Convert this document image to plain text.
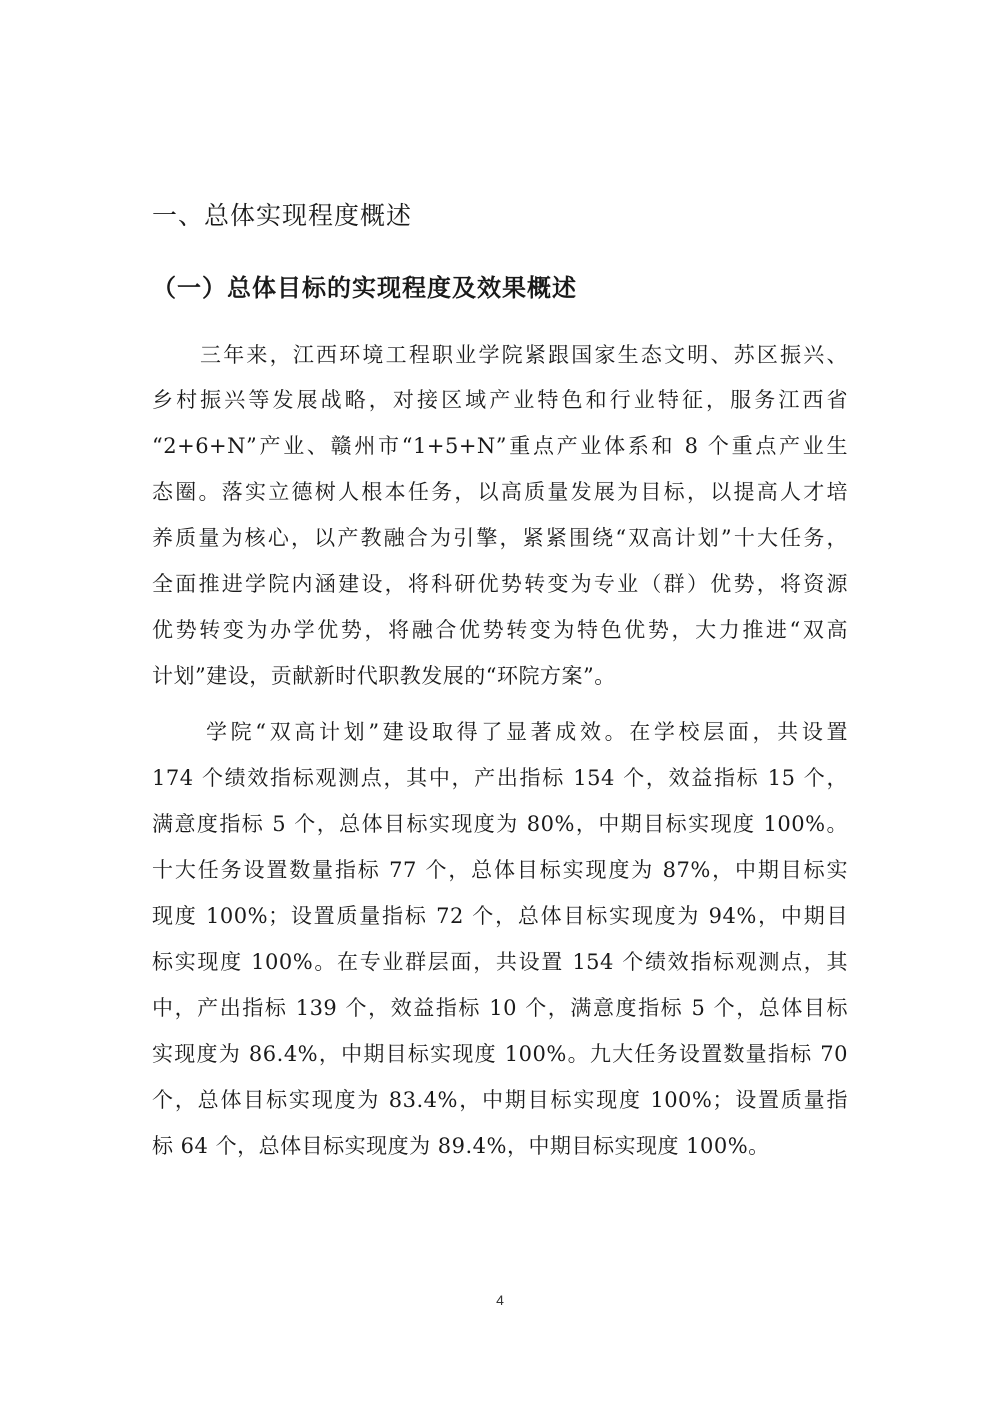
一、总体实现程度概述
（一）总体目标的实现程度及效果概述
三年来，江西环境工程职业学院紧跟国家生态文明、苏区振兴、
乡村振兴等发展战略，对接区域产业特色和行业特征，服务江西省
“2+6+N”产业、赣州市“1+5+N”重点产业体系和 8 个重点产业生
态圈。落实立德树人根本任务，以高质量发展为目标，以提高人才培
养质量为核心，以产教融合为引擎，紧紧围绕“双高计划”十大任务，
全面推进学院内涵建设，将科研优势转变为专业（群）优势，将资源
优势转变为办学优势，将融合优势转变为特色优势，大力推进“双高
计划”建设，贡献新时代职教发展的“环院方案”。
学院“双高计划”建设取得了显著成效。在学校层面，共设置
174 个绩效指标观测点，其中，产出指标 154 个，效益指标 15 个，
满意度指标 5 个，总体目标实现度为 80%，中期目标实现度 100%。
十大任务设置数量指标 77 个，总体目标实现度为 87%，中期目标实
现度 100%；设置质量指标 72 个，总体目标实现度为 94%，中期目
标实现度 100%。在专业群层面，共设置 154 个绩效指标观测点，其
中，产出指标 139 个，效益指标 10 个，满意度指标 5 个，总体目标
实现度为 86.4%，中期目标实现度 100%。九大任务设置数量指标 70
个，总体目标实现度为 83.4%，中期目标实现度 100%；设置质量指
标 64 个，总体目标实现度为 89.4%，中期目标实现度 100%。
4
